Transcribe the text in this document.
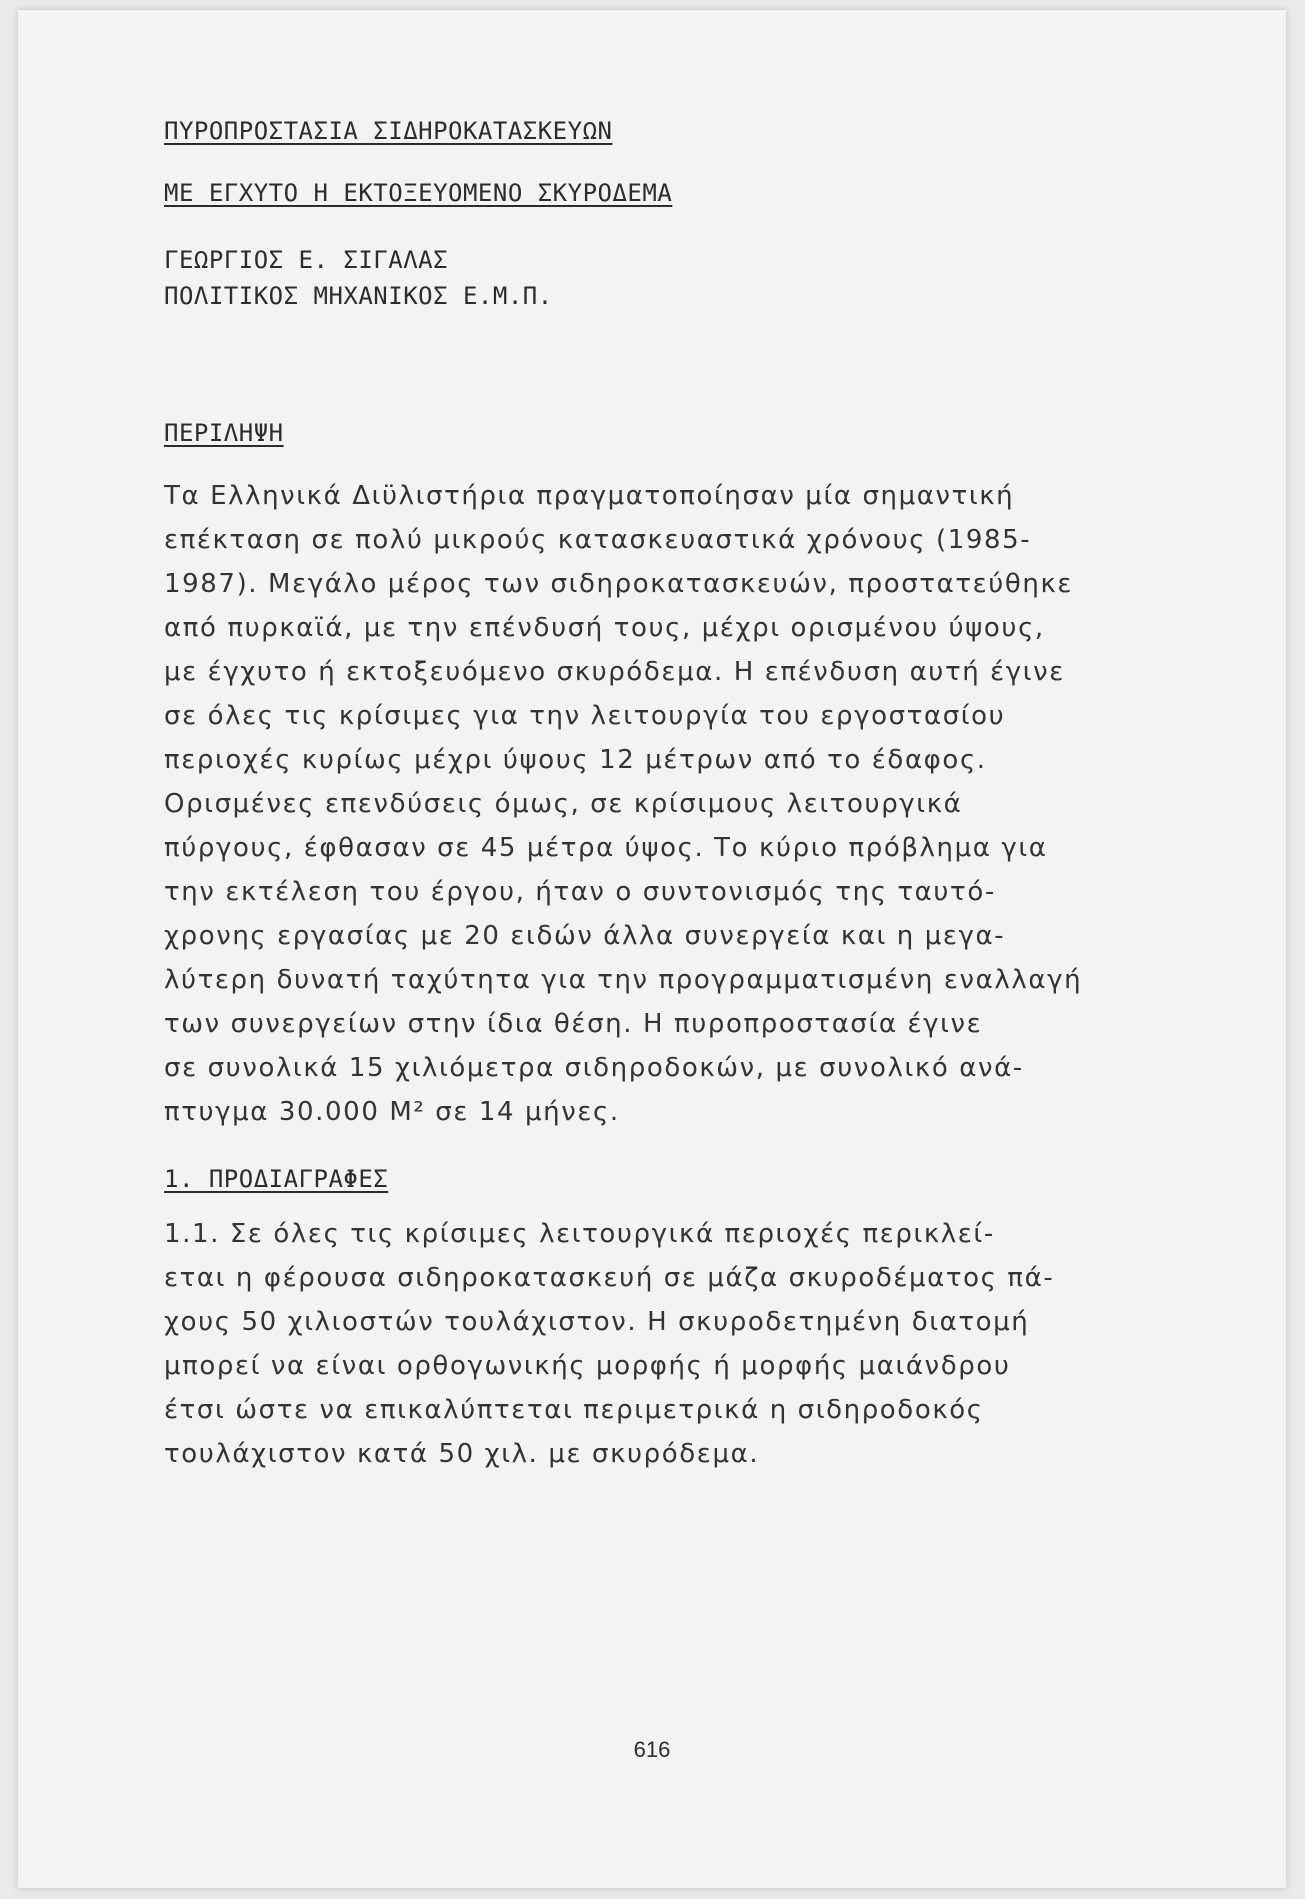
ΠΥΡΟΠΡΟΣΤΑΣΙΑ ΣΙΔΗΡΟΚΑΤΑΣΚΕΥΩΝ
ΜΕ ΕΓΧΥΤΟ Η ΕΚΤΟΞΕΥΟΜΕΝΟ ΣΚΥΡΟΔΕΜΑ
ΓΕΩΡΓΙΟΣ Ε. ΣΙΓΑΛΑΣ
ΠΟΛΙΤΙΚΟΣ ΜΗΧΑΝΙΚΟΣ Ε.Μ.Π.
ΠΕΡΙΛΗΨΗ
Τα Ελληνικά Διϋλιστήρια πραγματοποίησαν μία σημαντική
επέκταση σε πολύ μικρούς κατασκευαστικά χρόνους (1985-
1987). Μεγάλο μέρος των σιδηροκατασκευών, προστατεύθηκε
από πυρκαϊά, με την επένδυσή τους, μέχρι ορισμένου ύψους,
με έγχυτο ή εκτοξευόμενο σκυρόδεμα. Η επένδυση αυτή έγινε
σε όλες τις κρίσιμες για την λειτουργία του εργοστασίου
περιοχές κυρίως μέχρι ύψους 12 μέτρων από το έδαφος.
Ορισμένες επενδύσεις όμως, σε κρίσιμους λειτουργικά
πύργους, έφθασαν σε 45 μέτρα ύψος. Το κύριο πρόβλημα για
την εκτέλεση του έργου, ήταν ο συντονισμός της ταυτό-
χρονης εργασίας με 20 ειδών άλλα συνεργεία και η μεγα-
λύτερη δυνατή ταχύτητα για την προγραμματισμένη εναλλαγή
των συνεργείων στην ίδια θέση. Η πυροπροστασία έγινε
σε συνολικά 15 χιλιόμετρα σιδηροδοκών, με συνολικό ανά-
πτυγμα 30.000 Μ² σε 14 μήνες.
1. ΠΡΟΔΙΑΓΡΑΦΕΣ
1.1. Σε όλες τις κρίσιμες λειτουργικά περιοχές περικλεί-
εται η φέρουσα σιδηροκατασκευή σε μάζα σκυροδέματος πά-
χους 50 χιλιοστών τουλάχιστον. Η σκυροδετημένη διατομή
μπορεί να είναι ορθογωνικής μορφής ή μορφής μαιάνδρου
έτσι ώστε να επικαλύπτεται περιμετρικά η σιδηροδοκός
τουλάχιστον κατά 50 χιλ. με σκυρόδεμα.
616
